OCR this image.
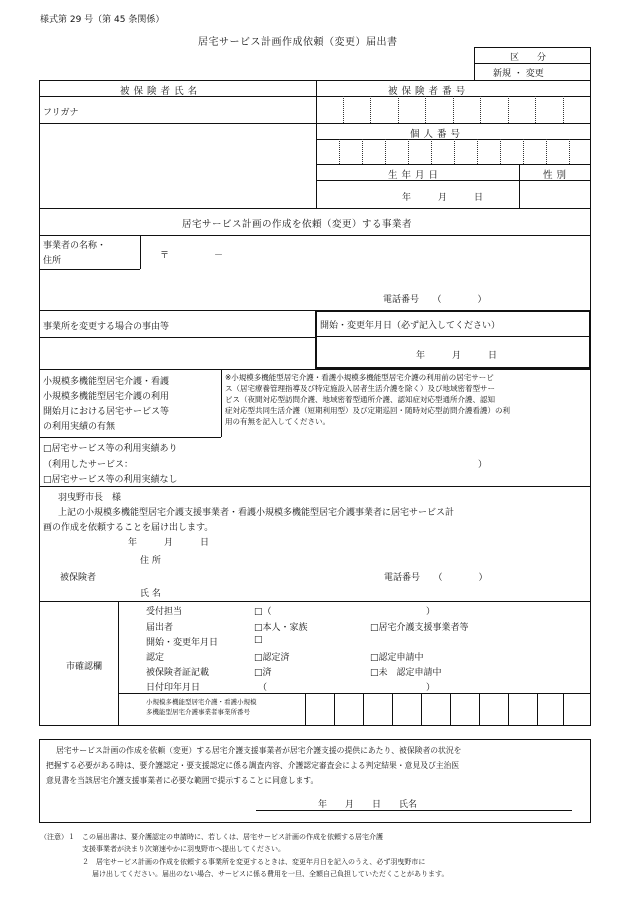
様式第 29 号（第 45 条関係）
居宅サービス計画作成依頼（変更）届出書
区　　分
新規 ・ 変更
被 保 険 者 氏 名	被 保 険 者 番 号
フリガナ
個 人 番 号
生 年 月 日	性 別
年　　　月　　　日
居宅サービス計画の作成を依頼（変更）する事業者
事業者の名称・
住所	〒　　　　　－
電話番号　　（　　　　）
事業所を変更する場合の事由等	開始・変更年月日（必ず記入してください）
年　　　月　　　日
小規模多機能型居宅介護・看護
小規模多機能型居宅介護の利用
開始月における居宅サービス等
の利用実績の有無
※小規模多機能型居宅介護・看護小規模多機能型居宅介護の利用前の居宅サービ
ス（居宅療養管理指導及び特定施設入居者生活介護を除く）及び地域密着型サー
ビス（夜間対応型訪問介護、地域密着型通所介護、認知症対応型通所介護、認知
症対応型共同生活介護（短期利用型）及び定期巡回・随時対応型訪問介護看護）の利
用の有無を記入してください。
□居宅サービス等の利用実績あり
（利用したサービス：	）
□居宅サービス等の利用実績なし
羽曳野市長　様
上記の小規模多機能型居宅介護支援事業者・看護小規模多機能型居宅介護事業者に居宅サービス計
画の作成を依頼することを届け出します。
年　　　月　　　日
住 所
被保険者	電話番号　　（　　　　）
氏 名
市確認欄
受付担当	□（	）
届出者	□本人・家族	□居宅介護支援事業者等
開始・変更年月日	□
認定	□認定済	□認定申請中
被保険者証記載	□済	□未　認定申請中
日付印年月日	（	）
小規模多機能型居宅介護・看護小規模
多機能型居宅介護事業者事業所番号
居宅サービス計画の作成を依頼（変更）する居宅介護支援事業者が居宅介護支援の提供にあたり、被保険者の状況を
把握する必要がある時は、要介護認定・要支援認定に係る調査内容、介護認定審査会による判定結果・意見及び主治医
意見書を当該居宅介護支援事業者に必要な範囲で提示することに同意します。
年　　月　　日　　氏名
（注意）１　この届出書は、要介護認定の申請時に、若しくは、居宅サービス計画の作成を依頼する居宅介護
支援事業者が決まり次第速やかに羽曳野市へ提出してください。
２　居宅サービス計画の作成を依頼する事業所を変更するときは、変更年月日を記入のうえ、必ず羽曳野市に
届け出してください。届出のない場合、サービスに係る費用を一旦、全額自己負担していただくことがあります。
